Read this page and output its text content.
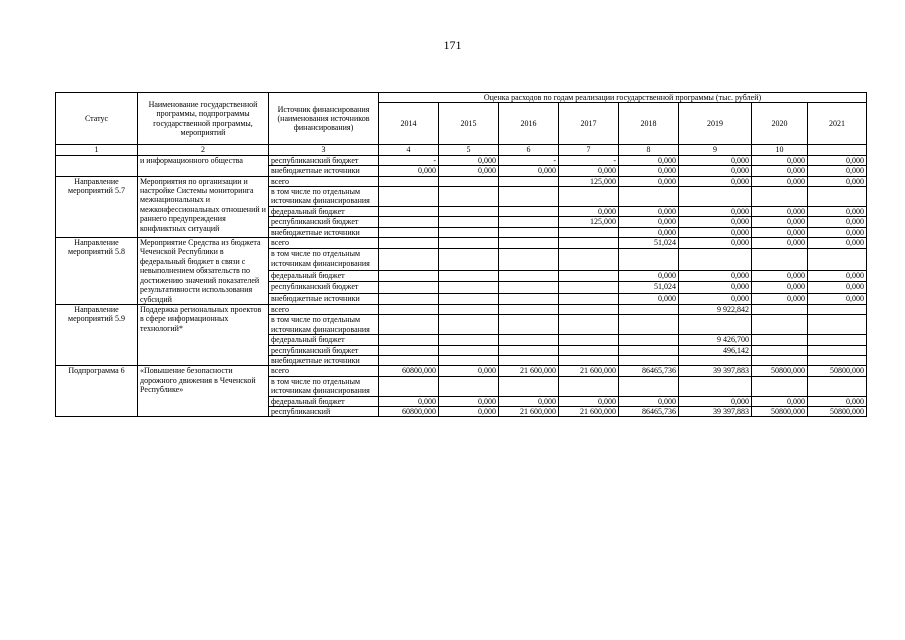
171
Статус	Наименование государственной программы, подпрограммы государственной программы, мероприятий	Источник финансирования (наименования источников финансирования)	Оценка расходов по годам реализации государственной программы (тыс. рублей)							
			2014	2015	2016	2017	2018	2019	2020	2021
1	2	3	4	5	6	7	8	9	10	
	и информационного общества	республиканский бюджет	-	0,000	-	-	0,000	0,000	0,000	0,000
		внебюджетные источники	0,000	0,000	0,000	0,000	0,000	0,000	0,000	0,000
Направление мероприятий 5.7	Мероприятия по организации и настройке Системы мониторинга межнациональных и межконфессиональных отношений и раннего предупреждения конфликтных ситуаций	всего				125,000	0,000	0,000	0,000	0,000
		в том числе по отдельным источникам финансирования								
		федеральный бюджет				0,000	0,000	0,000	0,000	0,000
		республиканский бюджет				125,000	0,000	0,000	0,000	0,000
		внебюджетные источники					0,000	0,000	0,000	0,000
Направление мероприятий 5.8	Мероприятие Средства из бюджета Чеченской Республики в федеральный бюджет в связи с невыполнением обязательств по достижению значений показателей результативности использования субсидий	всего					51,024	0,000	0,000	0,000
		в том числе по отдельным источникам финансирования								
		федеральный бюджет					0,000	0,000	0,000	0,000
		республиканский бюджет					51,024	0,000	0,000	0,000
		внебюджетные источники					0,000	0,000	0,000	0,000
Направление мероприятий 5.9	Поддержка региональных проектов в сфере информационных технологий*	всего						9 922,842		
		в том числе по отдельным источникам финансирования								
		федеральный бюджет						9 426,700		
		республиканский бюджет						496,142		
		внебюджетные источники								
Подпрограмма 6	«Повышение безопасности дорожного движения в Чеченской Республике»	всего	60800,000	0,000	21 600,000	21 600,000	86465,736	39 397,883	50800,000	50800,000
		в том числе по отдельным источникам финансирования								
		федеральный бюджет	0,000	0,000	0,000	0,000	0,000	0,000	0,000	0,000
		республиканский	60800,000	0,000	21 600,000	21 600,000	86465,736	39 397,883	50800,000	50800,000
